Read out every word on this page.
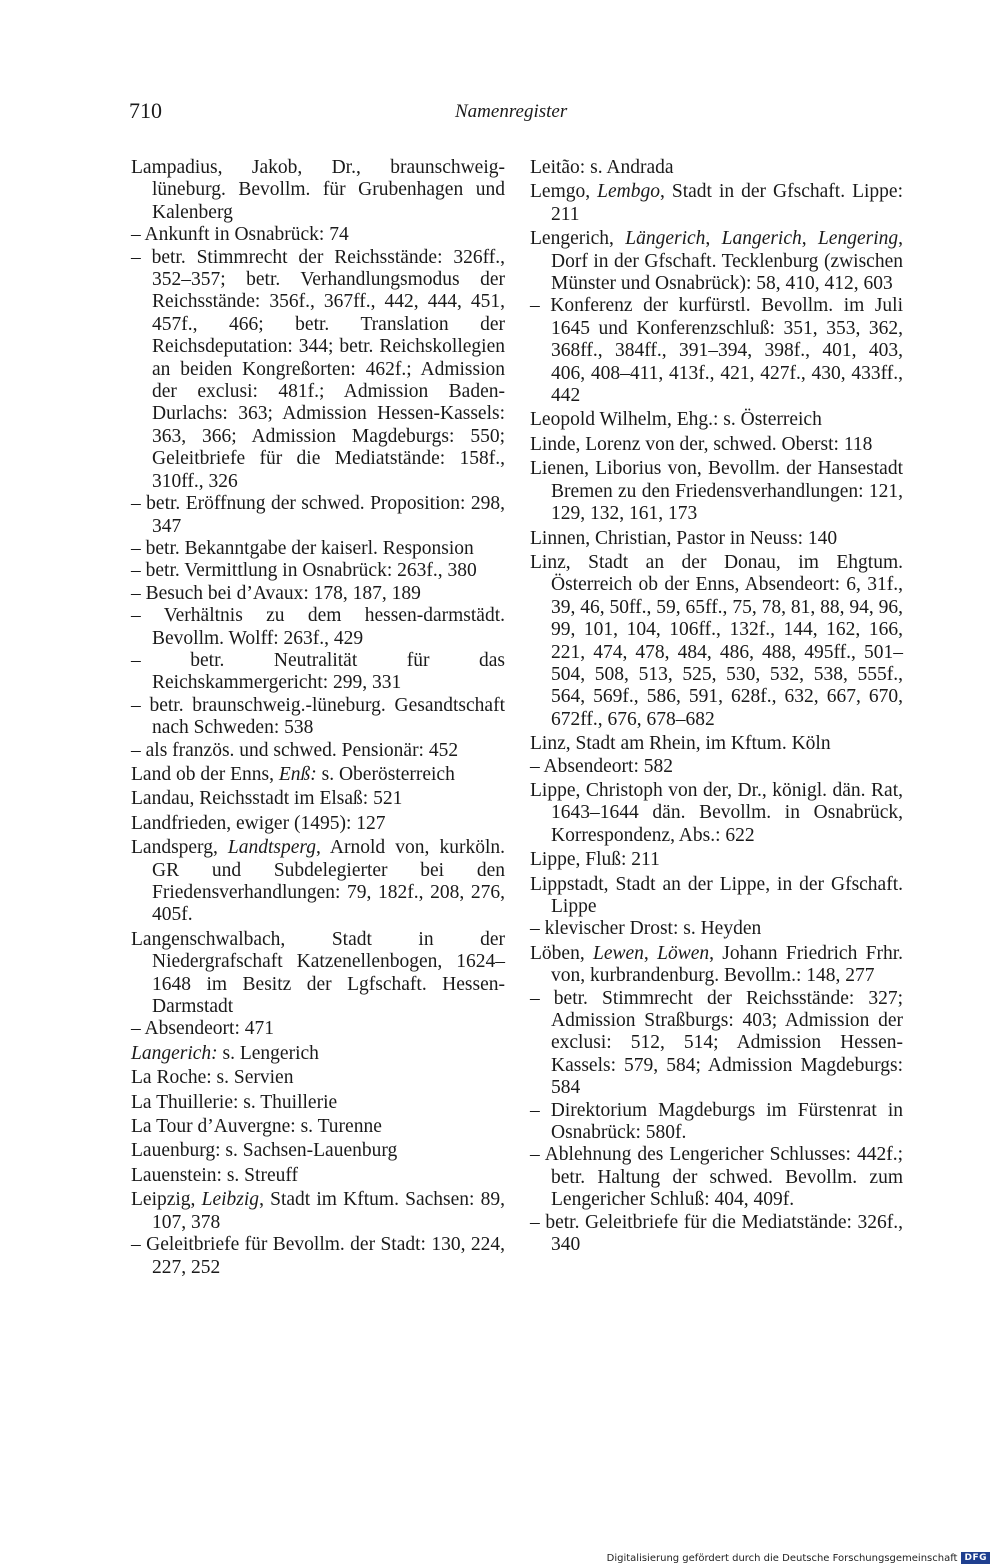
710	Namenregister

Lampadius, Jakob, Dr., braunschweig-lüneburg. Bevollm. für Grubenhagen und Kalenberg

– Ankunft in Osnabrück: 74

– betr. Stimmrecht der Reichsstände: 326ff., 352–357; betr. Verhandlungsmodus der Reichsstände: 356f., 367ff., 442, 444, 451, 457f., 466; betr. Translation der Reichsdeputation: 344; betr. Reichskollegien an beiden Kongreßorten: 462f.; Admission der exclusi: 481f.; Admission Baden-Durlachs: 363; Admission Hessen-Kassels: 363, 366; Admission Magdeburgs: 550; Geleitbriefe für die Mediatstände: 158f., 310ff., 326

– betr. Eröffnung der schwed. Proposition: 298, 347

– betr. Bekanntgabe der kaiserl. Responsion

– betr. Vermittlung in Osnabrück: 263f., 380

– Besuch bei d’Avaux: 178, 187, 189

– Verhältnis zu dem hessen-darmstädt. Bevollm. Wolff: 263f., 429

– betr. Neutralität für das Reichskammergericht: 299, 331

– betr. braunschweig.-lüneburg. Gesandtschaft nach Schweden: 538

– als französ. und schwed. Pensionär: 452

Land ob der Enns, Enß: s. Oberösterreich

Landau, Reichsstadt im Elsaß: 521

Landfrieden, ewiger (1495): 127

Landsperg, Landtsperg, Arnold von, kurköln. GR und Subdelegierter bei den Friedensverhandlungen: 79, 182f., 208, 276, 405f.

Langenschwalbach, Stadt in der Niedergrafschaft Katzenellenbogen, 1624–1648 im Besitz der Lgfschaft. Hessen-Darmstadt

– Absendeort: 471

Langerich: s. Lengerich

La Roche: s. Servien

La Thuillerie: s. Thuillerie

La Tour d’Auvergne: s. Turenne

Lauenburg: s. Sachsen-Lauenburg

Lauenstein: s. Streuff

Leipzig, Leibzig, Stadt im Kftum. Sachsen: 89, 107, 378

– Geleitbriefe für Bevollm. der Stadt: 130, 224, 227, 252

Leitão: s. Andrada

Lemgo, Lembgo, Stadt in der Gfschaft. Lippe: 211

Lengerich, Längerich, Langerich, Lengering, Dorf in der Gfschaft. Tecklenburg (zwischen Münster und Osnabrück): 58, 410, 412, 603

– Konferenz der kurfürstl. Bevollm. im Juli 1645 und Konferenzschluß: 351, 353, 362, 368ff., 384ff., 391–394, 398f., 401, 403, 406, 408–411, 413f., 421, 427f., 430, 433ff., 442

Leopold Wilhelm, Ehg.: s. Österreich

Linde, Lorenz von der, schwed. Oberst: 118

Lienen, Liborius von, Bevollm. der Hansestadt Bremen zu den Friedensverhandlungen: 121, 129, 132, 161, 173

Linnen, Christian, Pastor in Neuss: 140

Linz, Stadt an der Donau, im Ehgtum. Österreich ob der Enns, Absendeort: 6, 31f., 39, 46, 50ff., 59, 65ff., 75, 78, 81, 88, 94, 96, 99, 101, 104, 106ff., 132f., 144, 162, 166, 221, 474, 478, 484, 486, 488, 495ff., 501–504, 508, 513, 525, 530, 532, 538, 555f., 564, 569f., 586, 591, 628f., 632, 667, 670, 672ff., 676, 678–682

Linz, Stadt am Rhein, im Kftum. Köln

– Absendeort: 582

Lippe, Christoph von der, Dr., königl. dän. Rat, 1643–1644 dän. Bevollm. in Osnabrück, Korrespondenz, Abs.: 622

Lippe, Fluß: 211

Lippstadt, Stadt an der Lippe, in der Gfschaft. Lippe

– klevischer Drost: s. Heyden

Löben, Lewen, Löwen, Johann Friedrich Frhr. von, kurbrandenburg. Bevollm.: 148, 277

– betr. Stimmrecht der Reichsstände: 327; Admission Straßburgs: 403; Admission der exclusi: 512, 514; Admission Hessen-Kassels: 579, 584; Admission Magdeburgs: 584

– Direktorium Magdeburgs im Fürstenrat in Osnabrück: 580f.

– Ablehnung des Lengericher Schlusses: 442f.; betr. Haltung der schwed. Bevollm. zum Lengericher Schluß: 404, 409f.

– betr. Geleitbriefe für die Mediatstände: 326f., 340

Digitalisierung gefördert durch die Deutsche Forschungsgemeinschaft DFG
